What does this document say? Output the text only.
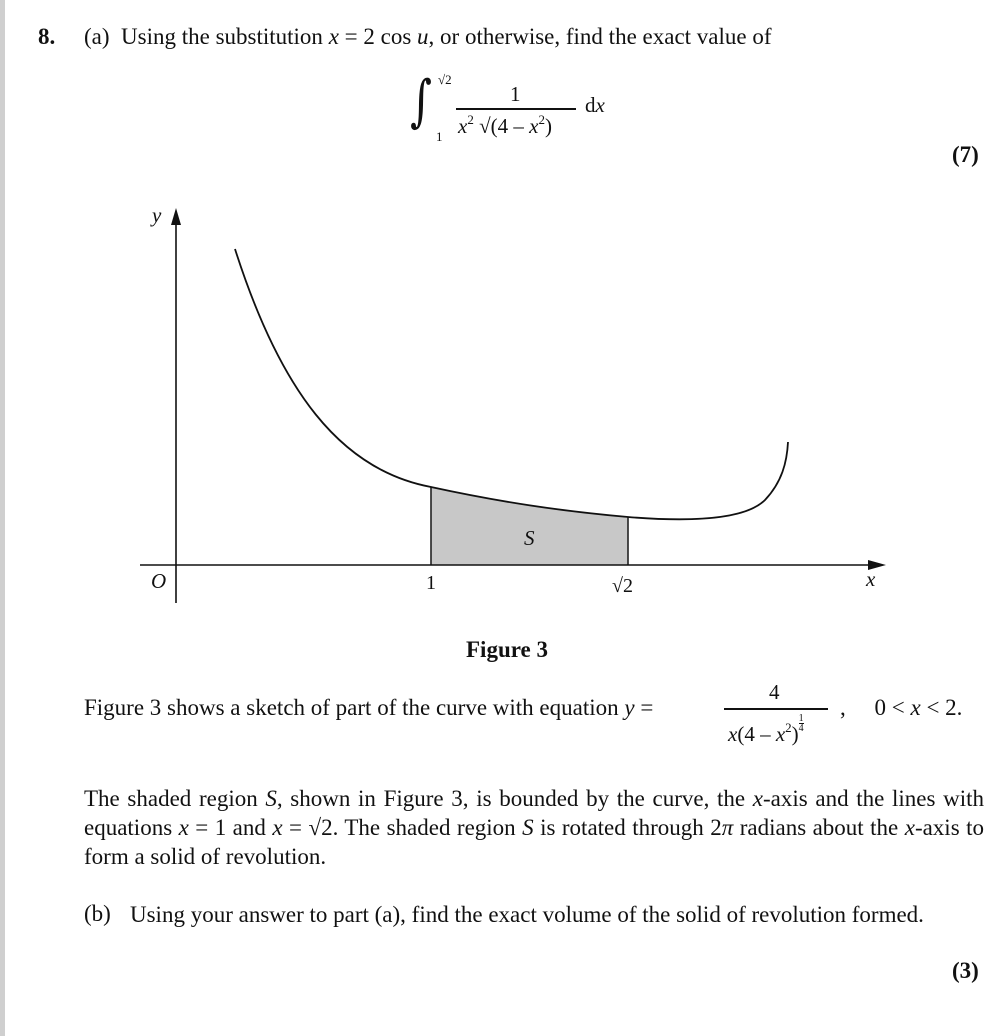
8. (a) Using the substitution x = 2 cos u, or otherwise, find the exact value of
∫ √2
1
1
$x^2$ $√(4 - x^2)$
dx
(7)
y
x
O	1	√2
S
Figure 3
Figure 3 shows a sketch of part of the curve with equation y =
4
$x(4 - x^2) \frac{1}{4}$
, 0 < x < 2.
The shaded region S, shown in Figure 3, is bounded by the curve, the x-axis and the lines with equations x = 1 and x = √2. The shaded region S is rotated through 2π radians about the x-axis to form a solid of revolution.
(b) Using your answer to part (a), find the exact volume of the solid of revolution formed.
(3)
